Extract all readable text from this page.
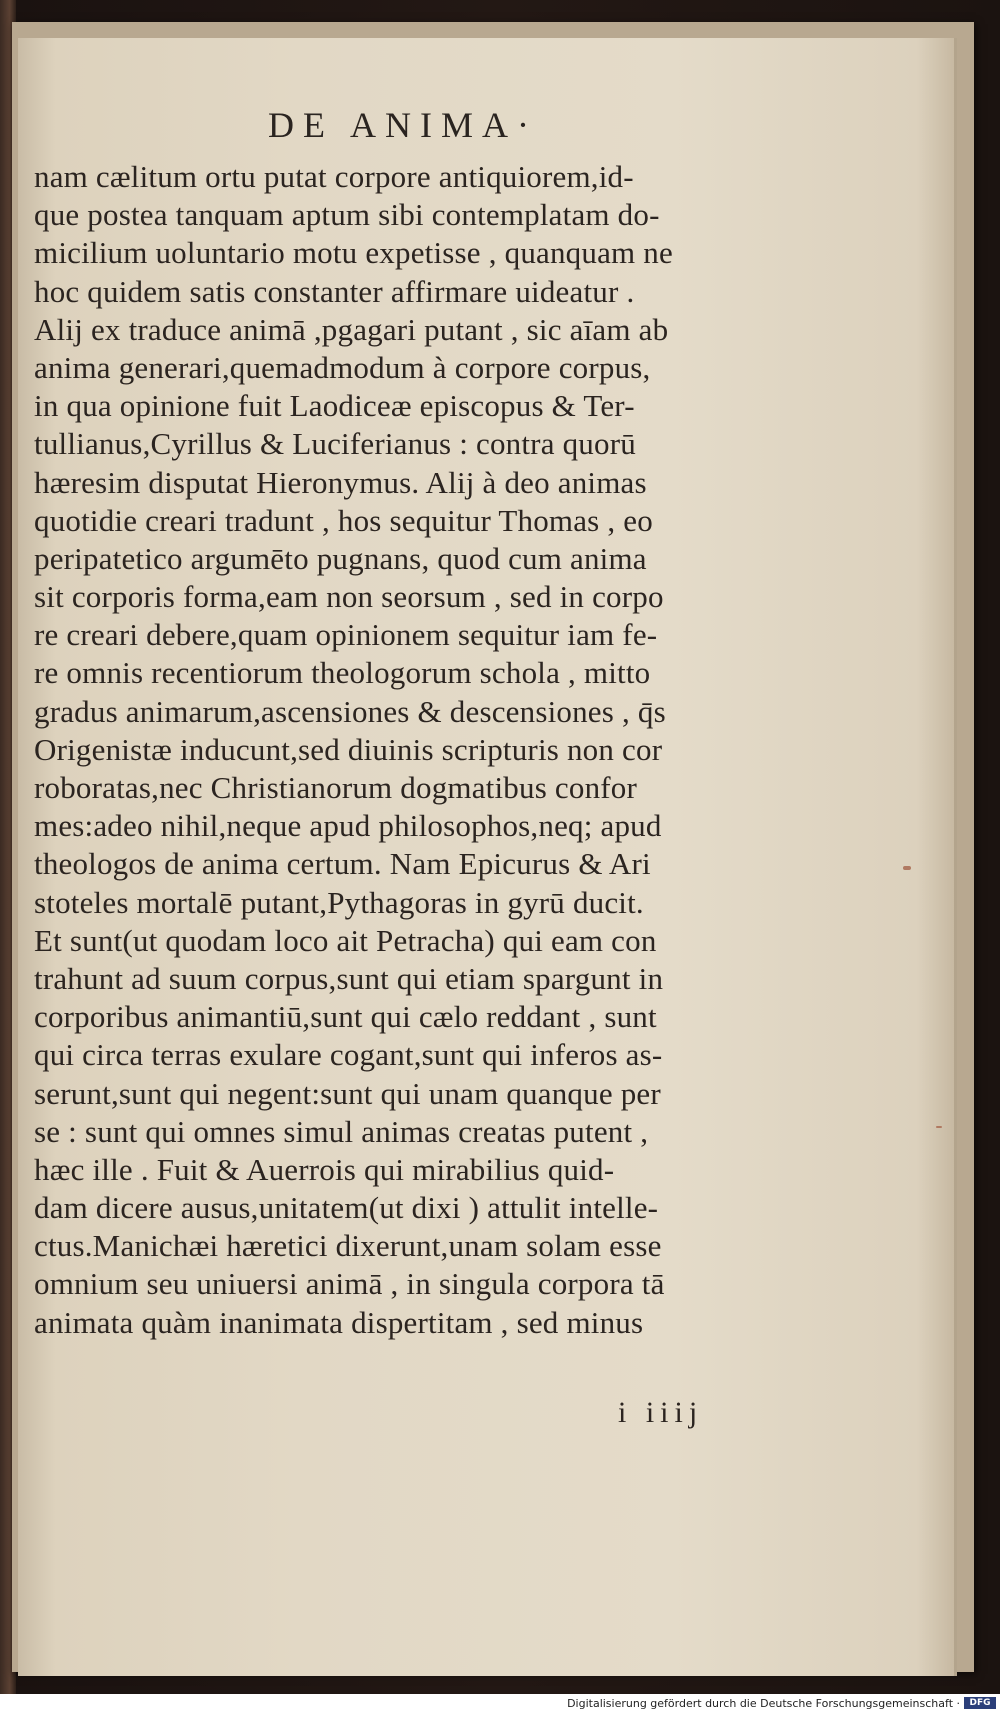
DE ANIMA·
nam cælitum ortu putat corpore antiquiorem,id-
que postea tanquam aptum sibi contemplatam do-
micilium uoluntario motu expetisse , quanquam ne
hoc quidem satis constanter affirmare uideatur .
Alij ex traduce animā ,pgagari putant , sic aīam ab
anima generari,quemadmodum à corpore corpus,
in qua opinione fuit Laodiceæ episcopus & Ter-
tullianus,Cyrillus & Luciferianus : contra quorū
hæresim disputat Hieronymus. Alij à deo animas
quotidie creari tradunt , hos sequitur Thomas , eo
peripatetico argumēto pugnans, quod cum anima
sit corporis forma,eam non seorsum , sed in corpo
re creari debere,quam opinionem sequitur iam fe-
re omnis recentiorum theologorum schola , mitto
gradus animarum,ascensiones & descensiones , q̄s
Origenistæ inducunt,sed diuinis scripturis non cor
roboratas,nec Christianorum dogmatibus confor
mes:adeo nihil,neque apud philosophos,neq; apud
theologos de anima certum. Nam Epicurus & Ari
stoteles mortalē putant,Pythagoras in gyrū ducit.
Et sunt(ut quodam loco ait Petracha) qui eam con
trahunt ad suum corpus,sunt qui etiam spargunt in
corporibus animantiū,sunt qui cælo reddant , sunt
qui circa terras exulare cogant,sunt qui inferos as-
serunt,sunt qui negent:sunt qui unam quanque per
se : sunt qui omnes simul animas creatas putent ,
hæc ille . Fuit & Auerrois qui mirabilius quid-
dam dicere ausus,unitatem(ut dixi ) attulit intelle-
ctus.Manichæi hæretici dixerunt,unam solam esse
omnium seu uniuersi animā , in singula corpora tā
animata quàm inanimata dispertitam , sed minus
i iiij
Digitalisierung gefördert durch die Deutsche Forschungsgemeinschaft ·	DFG
